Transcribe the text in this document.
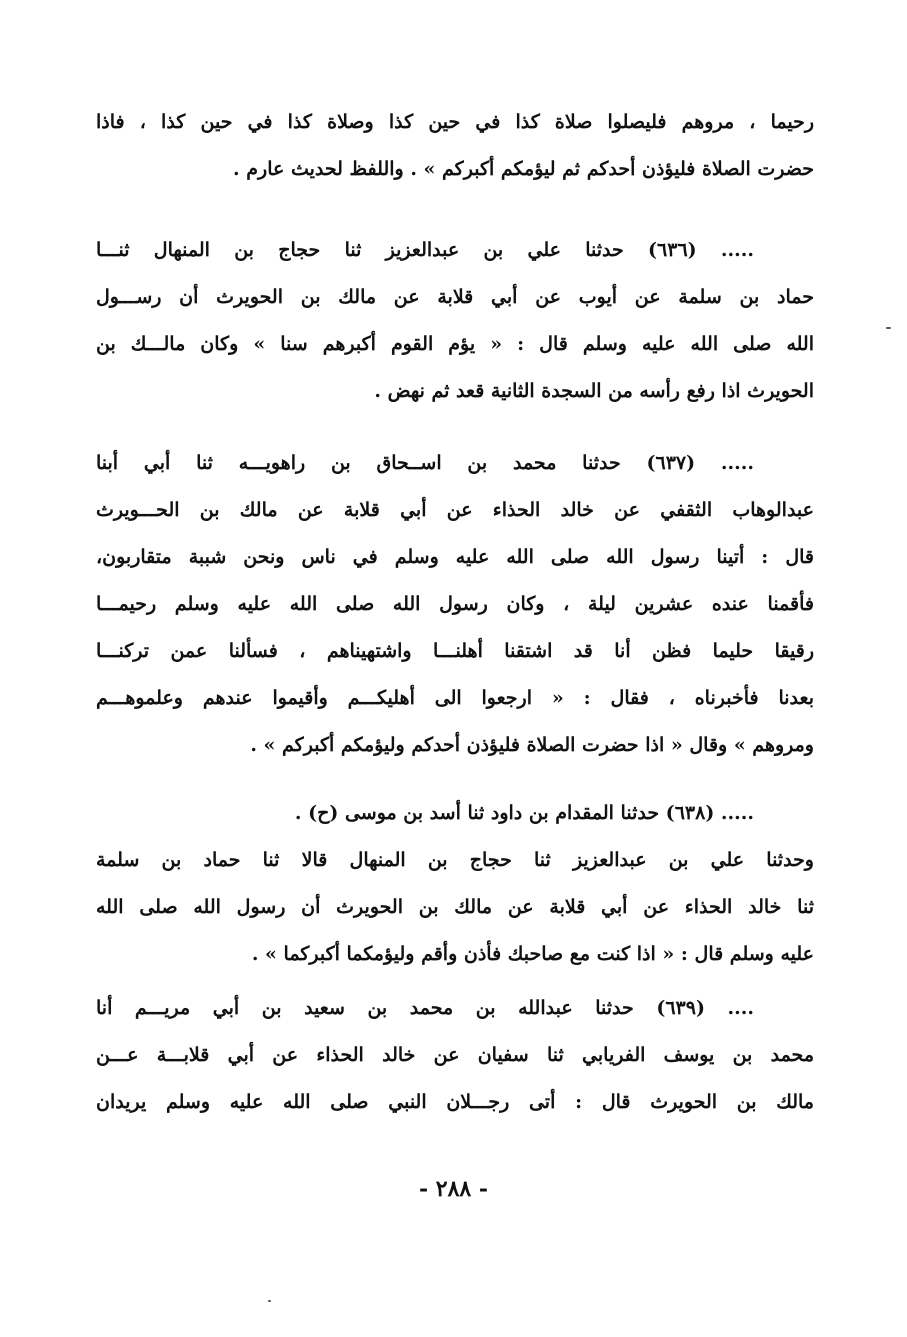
رحيما ، مروهم فليصلوا صلاة كذا في حين كذا وصلاة كذا في حين كذا ، فاذا
حضرت الصلاة فليؤذن أحدكم ثم ليؤمكم أكبركم » . واللفظ لحديث عارم .
..... (٦٣٦) حدثنا علي بن عبدالعزيز ثنا حجاج بن المنهال ثنـــا
حماد بن سلمة عن أيوب عن أبي قلابة عن مالك بن الحويرث أن رســـول
الله صلى الله عليه وسلم قال : « يؤم القوم أكبرهم سنا » وكان مالـــك بن
الحويرث اذا رفع رأسه من السجدة الثانية قعد ثم نهض .
..... (٦٣٧) حدثنا محمد بن اســحاق بن راهويـــه ثنا أبي أبنا
عبدالوهاب الثقفي عن خالد الحذاء عن أبي قلابة عن مالك بن الحـــويرث
قال : أتينا رسول الله صلى الله عليه وسلم في ناس ونحن شببة متقاربون،
فأقمنا عنده عشرين ليلة ، وكان رسول الله صلى الله عليه وسلم رحيمـــا
رقيقا حليما فظن أنا قد اشتقنا أهلنـــا واشتهيناهم ، فسألنا عمن تركنـــا
بعدنا فأخبرناه ، فقال : « ارجعوا الى أهليكـــم وأقيموا عندهم وعلموهـــم
ومروهم » وقال « اذا حضرت الصلاة فليؤذن أحدكم وليؤمكم أكبركم » .
..... (٦٣٨) حدثنا المقدام بن داود ثنا أسد بن موسى (ح) .
وحدثنا علي بن عبدالعزيز ثنا حجاج بن المنهال قالا ثنا حماد بن سلمة
ثنا خالد الحذاء عن أبي قلابة عن مالك بن الحويرث أن رسول الله صلى الله
عليه وسلم قال : « اذا كنت مع صاحبك فأذن وأقم وليؤمكما أكبركما » .
.... (٦٣٩) حدثنا عبدالله بن محمد بن سعيد بن أبي مريـــم أنا
محمد بن يوسف الفريابي ثنا سفيان عن خالد الحذاء عن أبي قلابـــة عـــن
مالك بن الحويرث قال : أتى رجـــلان النبي صلى الله عليه وسلم يريدان
- ٢٨٨ -
